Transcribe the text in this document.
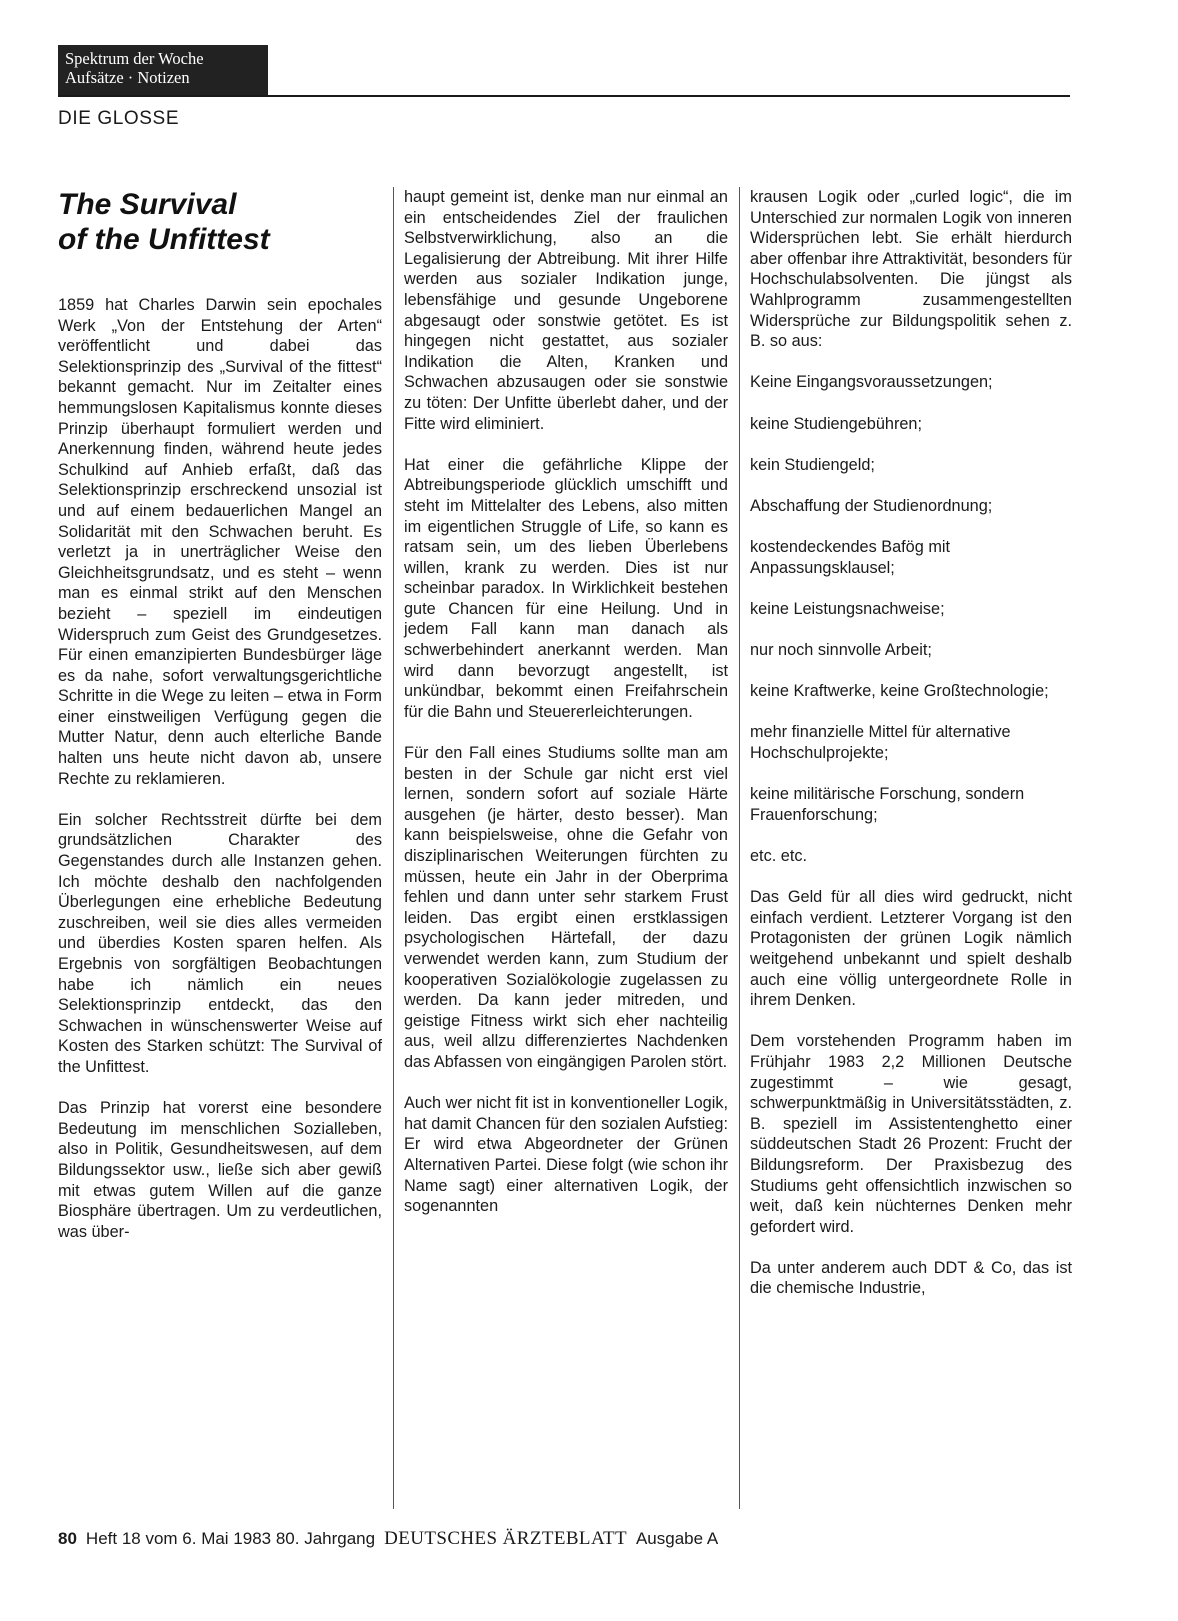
Spektrum der Woche
Aufsätze · Notizen
DIE GLOSSE
The Survival
of the Unfittest

1859 hat Charles Darwin sein epochales Werk „Von der Entstehung der Arten“ veröffentlicht und dabei das Selektionsprinzip des „Survival of the fittest“ bekannt gemacht. Nur im Zeitalter eines hemmungslosen Kapitalismus konnte dieses Prinzip überhaupt formuliert werden und Anerkennung finden, während heute jedes Schulkind auf Anhieb erfaßt, daß das Selektionsprinzip erschreckend unsozial ist und auf einem bedauerlichen Mangel an Solidarität mit den Schwachen beruht. Es verletzt ja in unerträglicher Weise den Gleichheitsgrundsatz, und es steht – wenn man es einmal strikt auf den Menschen bezieht – speziell im eindeutigen Widerspruch zum Geist des Grundgesetzes. Für einen emanzipierten Bundesbürger läge es da nahe, sofort verwaltungsgerichtliche Schritte in die Wege zu leiten – etwa in Form einer einstweiligen Verfügung gegen die Mutter Natur, denn auch elterliche Bande halten uns heute nicht davon ab, unsere Rechte zu reklamieren.

Ein solcher Rechtsstreit dürfte bei dem grundsätzlichen Charakter des Gegenstandes durch alle Instanzen gehen. Ich möchte deshalb den nachfolgenden Überlegungen eine erhebliche Bedeutung zuschreiben, weil sie dies alles vermeiden und überdies Kosten sparen helfen. Als Ergebnis von sorgfältigen Beobachtungen habe ich nämlich ein neues Selektionsprinzip entdeckt, das den Schwachen in wünschenswerter Weise auf Kosten des Starken schützt: The Survival of the Unfittest.

Das Prinzip hat vorerst eine besondere Bedeutung im menschlichen Sozialleben, also in Politik, Gesundheitswesen, auf dem Bildungssektor usw., ließe sich aber gewiß mit etwas gutem Willen auf die ganze Biosphäre übertragen. Um zu verdeutlichen, was über-

haupt gemeint ist, denke man nur einmal an ein entscheidendes Ziel der fraulichen Selbstverwirklichung, also an die Legalisierung der Abtreibung. Mit ihrer Hilfe werden aus sozialer Indikation junge, lebensfähige und gesunde Ungeborene abgesaugt oder sonstwie getötet. Es ist hingegen nicht gestattet, aus sozialer Indikation die Alten, Kranken und Schwachen abzusaugen oder sie sonstwie zu töten: Der Unfitte überlebt daher, und der Fitte wird eliminiert.

Hat einer die gefährliche Klippe der Abtreibungsperiode glücklich umschifft und steht im Mittelalter des Lebens, also mitten im eigentlichen Struggle of Life, so kann es ratsam sein, um des lieben Überlebens willen, krank zu werden. Dies ist nur scheinbar paradox. In Wirklichkeit bestehen gute Chancen für eine Heilung. Und in jedem Fall kann man danach als schwerbehindert anerkannt werden. Man wird dann bevorzugt angestellt, ist unkündbar, bekommt einen Freifahrschein für die Bahn und Steuererleichterungen.

Für den Fall eines Studiums sollte man am besten in der Schule gar nicht erst viel lernen, sondern sofort auf soziale Härte ausgehen (je härter, desto besser). Man kann beispielsweise, ohne die Gefahr von disziplinarischen Weiterungen fürchten zu müssen, heute ein Jahr in der Oberprima fehlen und dann unter sehr starkem Frust leiden. Das ergibt einen erstklassigen psychologischen Härtefall, der dazu verwendet werden kann, zum Studium der kooperativen Sozialökologie zugelassen zu werden. Da kann jeder mitreden, und geistige Fitness wirkt sich eher nachteilig aus, weil allzu differenziertes Nachdenken das Abfassen von eingängigen Parolen stört.

Auch wer nicht fit ist in konventioneller Logik, hat damit Chancen für den sozialen Aufstieg: Er wird etwa Abgeordneter der Grünen Alternativen Partei. Diese folgt (wie schon ihr Name sagt) einer alternativen Logik, der sogenannten

krausen Logik oder „curled logic“, die im Unterschied zur normalen Logik von inneren Widersprüchen lebt. Sie erhält hierdurch aber offenbar ihre Attraktivität, besonders für Hochschulabsolventen. Die jüngst als Wahlprogramm zusammengestellten Widersprüche zur Bildungspolitik sehen z. B. so aus:

Keine Eingangsvoraussetzungen;

keine Studiengebühren;

kein Studiengeld;

Abschaffung der Studienordnung;

kostendeckendes Bafög mit Anpassungsklausel;

keine Leistungsnachweise;

nur noch sinnvolle Arbeit;

keine Kraftwerke, keine Großtechnologie;

mehr finanzielle Mittel für alternative Hochschulprojekte;

keine militärische Forschung, sondern Frauenforschung;

etc. etc.

Das Geld für all dies wird gedruckt, nicht einfach verdient. Letzterer Vorgang ist den Protagonisten der grünen Logik nämlich weitgehend unbekannt und spielt deshalb auch eine völlig untergeordnete Rolle in ihrem Denken.

Dem vorstehenden Programm haben im Frühjahr 1983 2,2 Millionen Deutsche zugestimmt – wie gesagt, schwerpunktmäßig in Universitätsstädten, z. B. speziell im Assistentenghetto einer süddeutschen Stadt 26 Prozent: Frucht der Bildungsreform. Der Praxisbezug des Studiums geht offensichtlich inzwischen so weit, daß kein nüchternes Denken mehr gefordert wird.

Da unter anderem auch DDT & Co, das ist die chemische Industrie,

80 Heft 18 vom 6. Mai 1983 80. Jahrgang DEUTSCHES ÄRZTEBLATT Ausgabe A
